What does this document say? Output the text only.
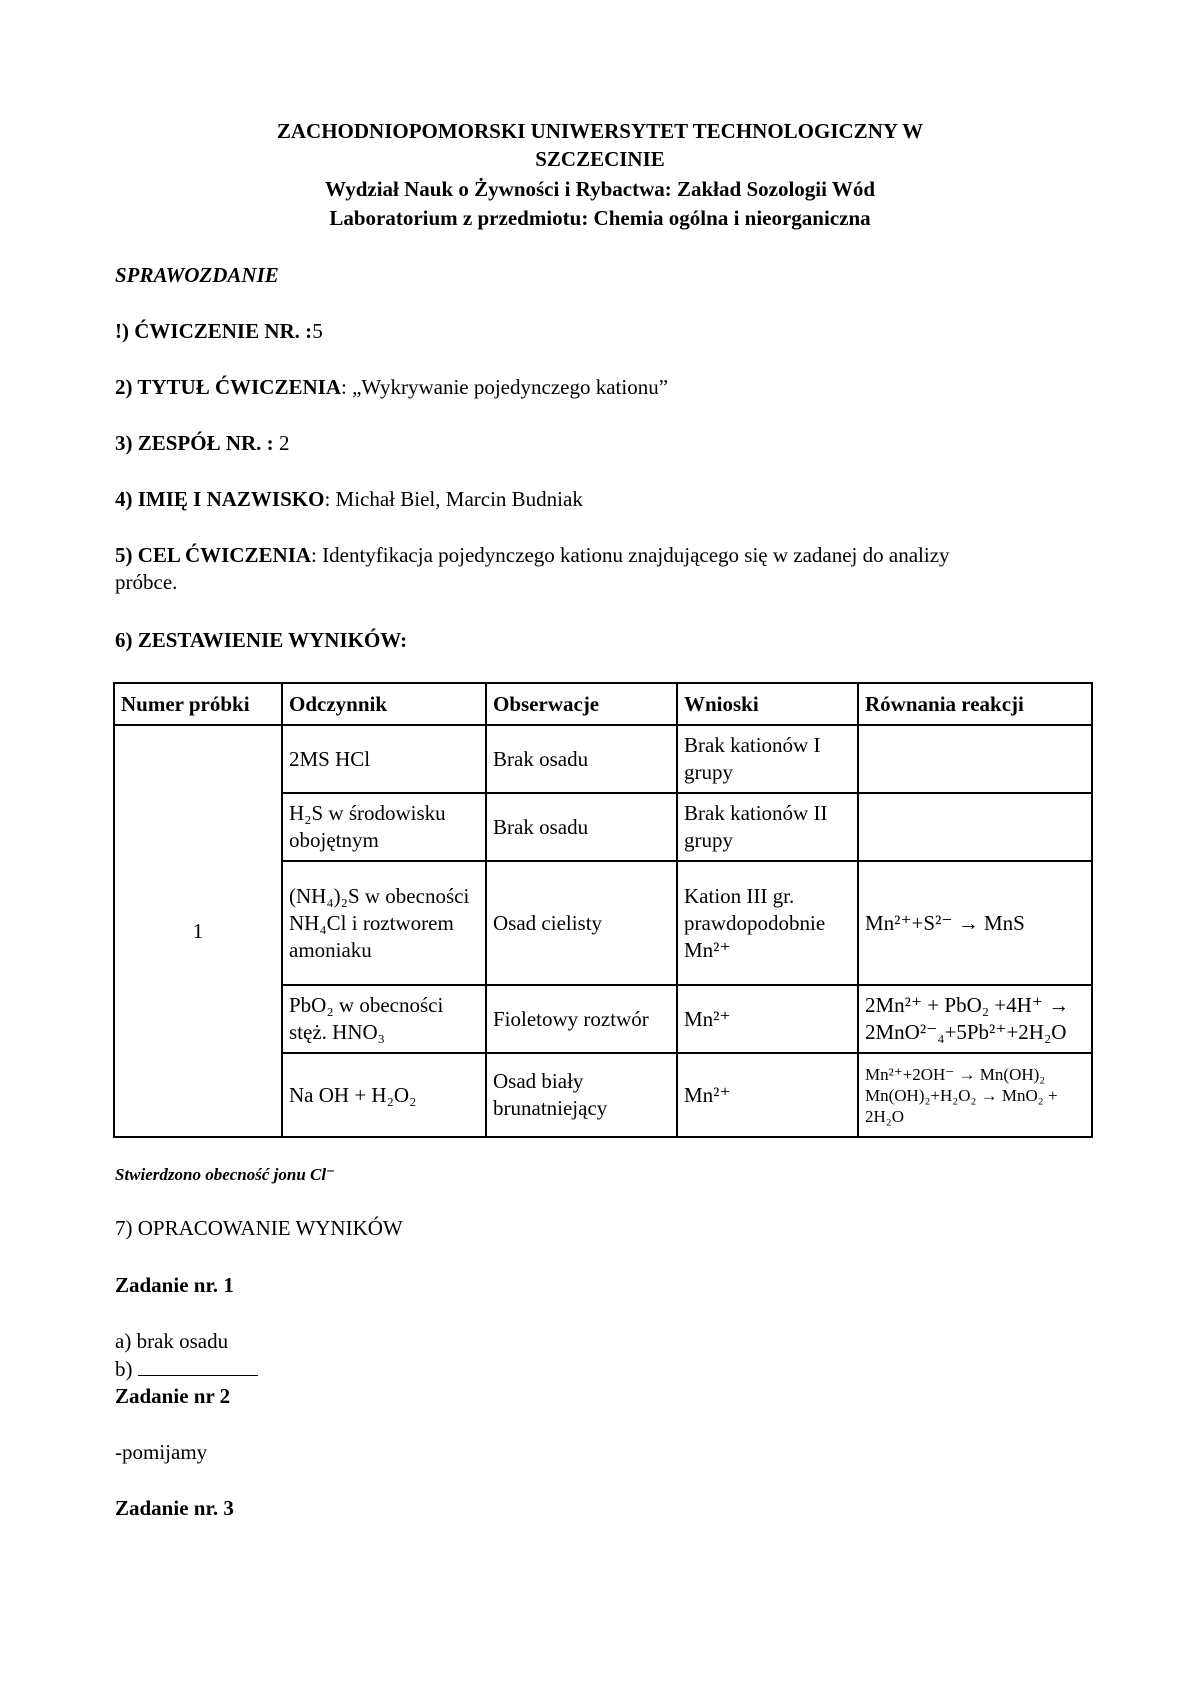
ZACHODNIOPOMORSKI UNIWERSYTET TECHNOLOGICZNY W
SZCZECINIE
Wydział Nauk o Żywności i Rybactwa: Zakład Sozologii Wód
Laboratorium z przedmiotu: Chemia ogólna i nieorganiczna
SPRAWOZDANIE
!) ĆWICZENIE NR. :5
2) TYTUŁ ĆWICZENIA: „Wykrywanie pojedynczego kationu”
3) ZESPÓŁ NR. : 2
4) IMIĘ I NAZWISKO: Michał Biel, Marcin Budniak
5) CEL ĆWICZENIA: Identyfikacja pojedynczego kationu znajdującego się w zadanej do analizy
próbce.
6) ZESTAWIENIE WYNIKÓW:
Numer próbki	Odczynnik	Obserwacje	Wnioski	Równania reakcji
1	2MS HCl	Brak osadu	Brak kationów I grupy	
	H₂S w środowisku obojętnym	Brak osadu	Brak kationów II grupy	
	(NH₄)₂S w obecności NH₄Cl i roztworem amoniaku	Osad cielisty	Kation III gr. prawdopodobnie Mn²⁺	Mn²⁺+S²⁻ → MnS
	PbO₂ w obecności stęż. HNO₃	Fioletowy roztwór	Mn²⁺	2Mn²⁺ + PbO₂ +4H⁺ → 2MnO²⁻₄+5Pb²⁺+2H₂O
	Na OH + H₂O₂	Osad biały brunatniejący	Mn²⁺	Mn²⁺+2OH⁻ → Mn(OH)₂ Mn(OH)₂+H₂O₂ → MnO₂ + 2H₂O
Stwierdzono obecność jonu Cl⁻
7) OPRACOWANIE WYNIKÓW
Zadanie nr. 1
a) brak osadu
b)
Zadanie nr 2
-pomijamy
Zadanie nr. 3
